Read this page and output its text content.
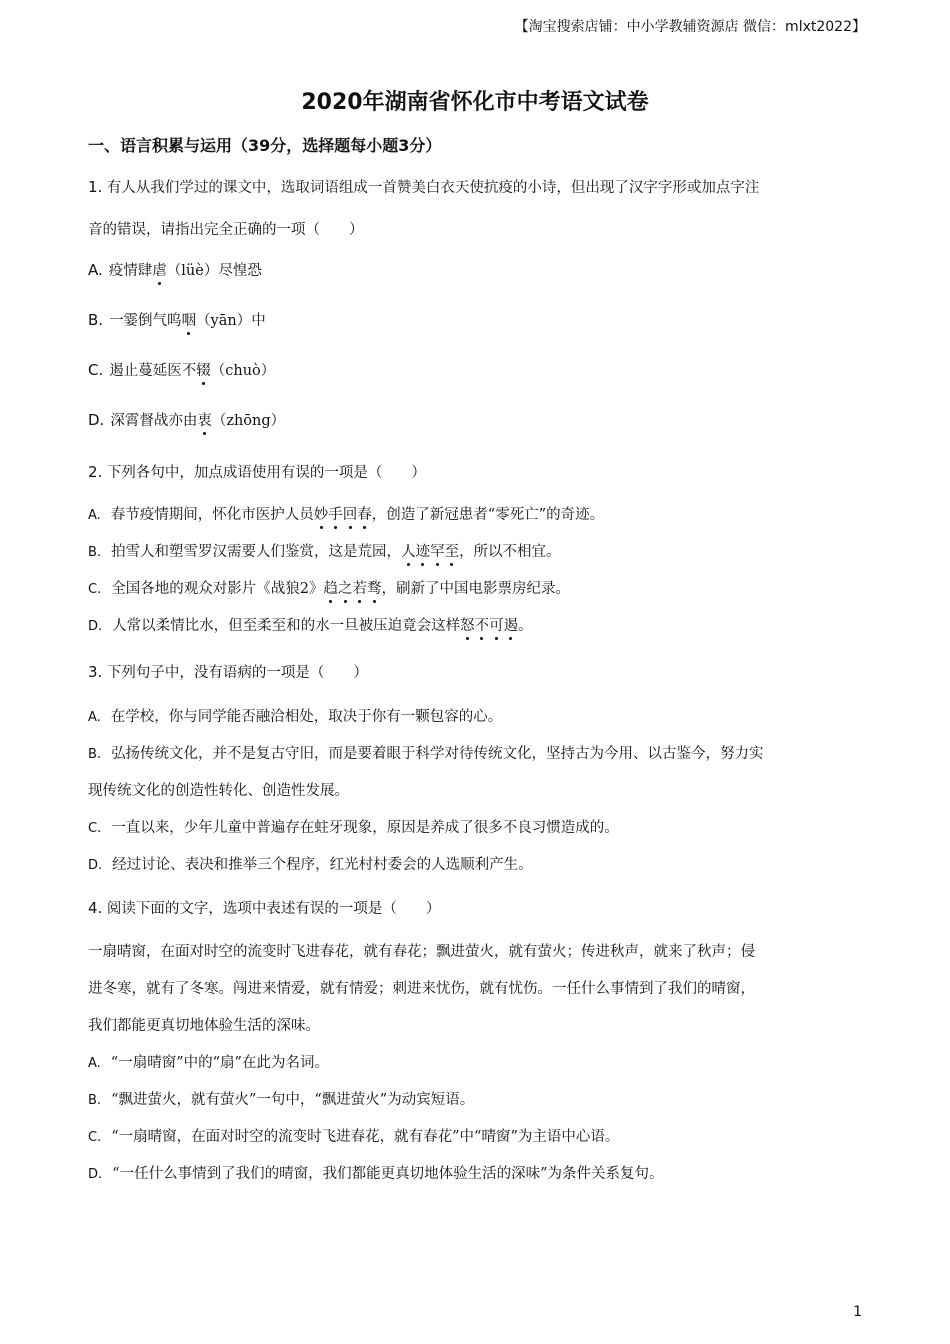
【淘宝搜索店铺：中小学教辅资源店 微信：mlxt2022】
2020年湖南省怀化市中考语文试卷
一、语言积累与运用（39分，选择题每小题3分）
1. 有人从我们学过的课文中，选取词语组成一首赞美白衣天使抗疫的小诗，但出现了汉字字形或加点字注
音的错误，请指出完全正确的一项（　　）
A. 疫情肆虐（lüè）尽惶恐
B. 一霎倒气呜咽（yān）中
C. 遏止蔓延医不辍（chuò）
D. 深霄督战亦由衷（zhōng）
2. 下列各句中，加点成语使用有误的一项是（　　）
A. 春节疫情期间，怀化市医护人员妙手回春，创造了新冠患者“零死亡”的奇迹。
B. 拍雪人和塑雪罗汉需要人们鉴赏，这是荒园，人迹罕至，所以不相宜。
C. 全国各地的观众对影片《战狼2》趋之若骛，刷新了中国电影票房纪录。
D. 人常以柔情比水，但至柔至和的水一旦被压迫竟会这样怒不可遏。
3. 下列句子中，没有语病的一项是（　　）
A. 在学校，你与同学能否融洽相处，取决于你有一颗包容的心。
B. 弘扬传统文化，并不是复古守旧，而是要着眼于科学对待传统文化，坚持古为今用、以古鉴今，努力实
现传统文化的创造性转化、创造性发展。
C. 一直以来，少年儿童中普遍存在蛀牙现象，原因是养成了很多不良习惯造成的。
D. 经过讨论、表决和推举三个程序，红光村村委会的人选顺利产生。
4. 阅读下面的文字，选项中表述有误的一项是（　　）
一扇晴窗，在面对时空的流变时飞进春花，就有春花；飘进萤火，就有萤火；传进秋声，就来了秋声；侵
进冬寒，就有了冬寒。闯进来情爱，就有情爱；刺进来忧伤，就有忧伤。一任什么事情到了我们的晴窗，
我们都能更真切地体验生活的深味。
A. “一扇晴窗”中的“扇”在此为名词。
B. “飘进萤火，就有萤火”一句中，“飘进萤火”为动宾短语。
C. “一扇晴窗，在面对时空的流变时飞进春花，就有春花”中“晴窗”为主语中心语。
D. “一任什么事情到了我们的晴窗，我们都能更真切地体验生活的深味”为条件关系复句。
1
